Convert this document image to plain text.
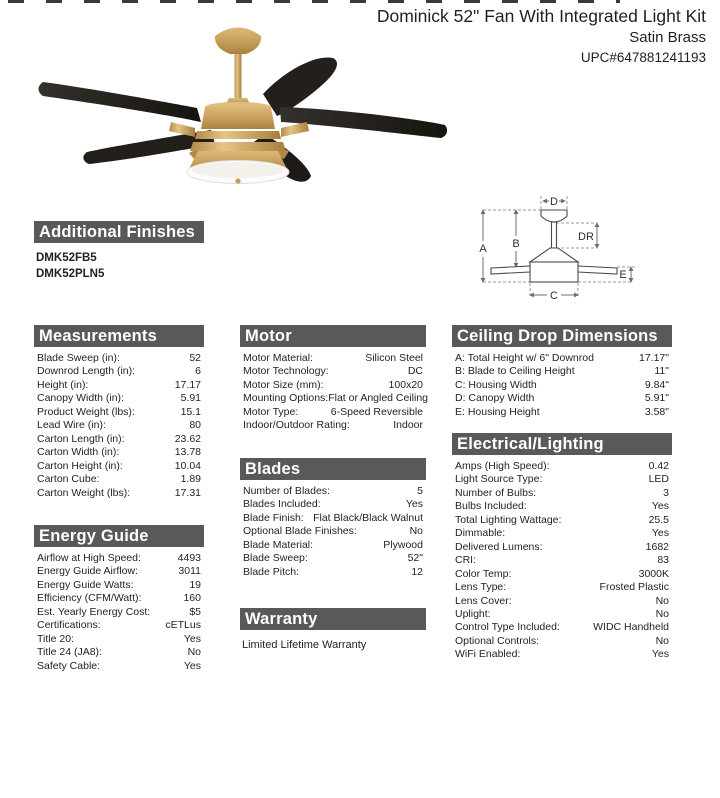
Dominick 52" Fan With Integrated Light Kit
Satin Brass
UPC#647881241193
A B
D
DR
E
C
Additional Finishes
DMK52FB5
DMK52PLN5
Measurements
Blade Sweep (in):	52
Downrod Length (in):	6
Height (in):	17.17
Canopy Width (in):	5.91
Product Weight (lbs):	15.1
Lead Wire (in):	80
Carton Length (in):	23.62
Carton Width (in):	13.78
Carton Height (in):	10.04
Carton Cube:	1.89
Carton Weight (lbs):	17.31
Energy Guide
Airflow at High Speed:	4493
Energy Guide Airflow:	3011
Energy Guide Watts:	19
Efficiency (CFM/Watt):	160
Est. Yearly Energy Cost:	$5
Certifications:	cETLus
Title 20:	Yes
Title 24 (JA8):	No
Safety Cable:	Yes
Motor
Motor Material:	Silicon Steel
Motor Technology:	DC
Motor Size (mm):	100x20
Mounting Options: Flat or Angled Ceiling
Motor Type:	6-Speed Reversible
Indoor/Outdoor Rating:	Indoor
Blades
Number of Blades:	5
Blades Included:	Yes
Blade Finish: Flat Black/Black Walnut
Optional Blade Finishes:	No
Blade Material:	Plywood
Blade Sweep:	52"
Blade Pitch:	12
Warranty
Limited Lifetime Warranty
Ceiling Drop Dimensions
A: Total Height w/ 6" Downrod	17.17"
B: Blade to Ceiling Height	11"
C: Housing Width	9.84"
D: Canopy Width	5.91"
E: Housing Height	3.58"
Electrical/Lighting
Amps (High Speed):	0.42
Light Source Type:	LED
Number of Bulbs:	3
Bulbs Included:	Yes
Total Lighting Wattage:	25.5
Dimmable:	Yes
Delivered Lumens:	1682
CRI:	83
Color Temp:	3000K
Lens Type:	Frosted Plastic
Lens Cover:	No
Uplight:	No
Control Type Included:	WIDC Handheld
Optional Controls:	No
WiFi Enabled:	Yes
